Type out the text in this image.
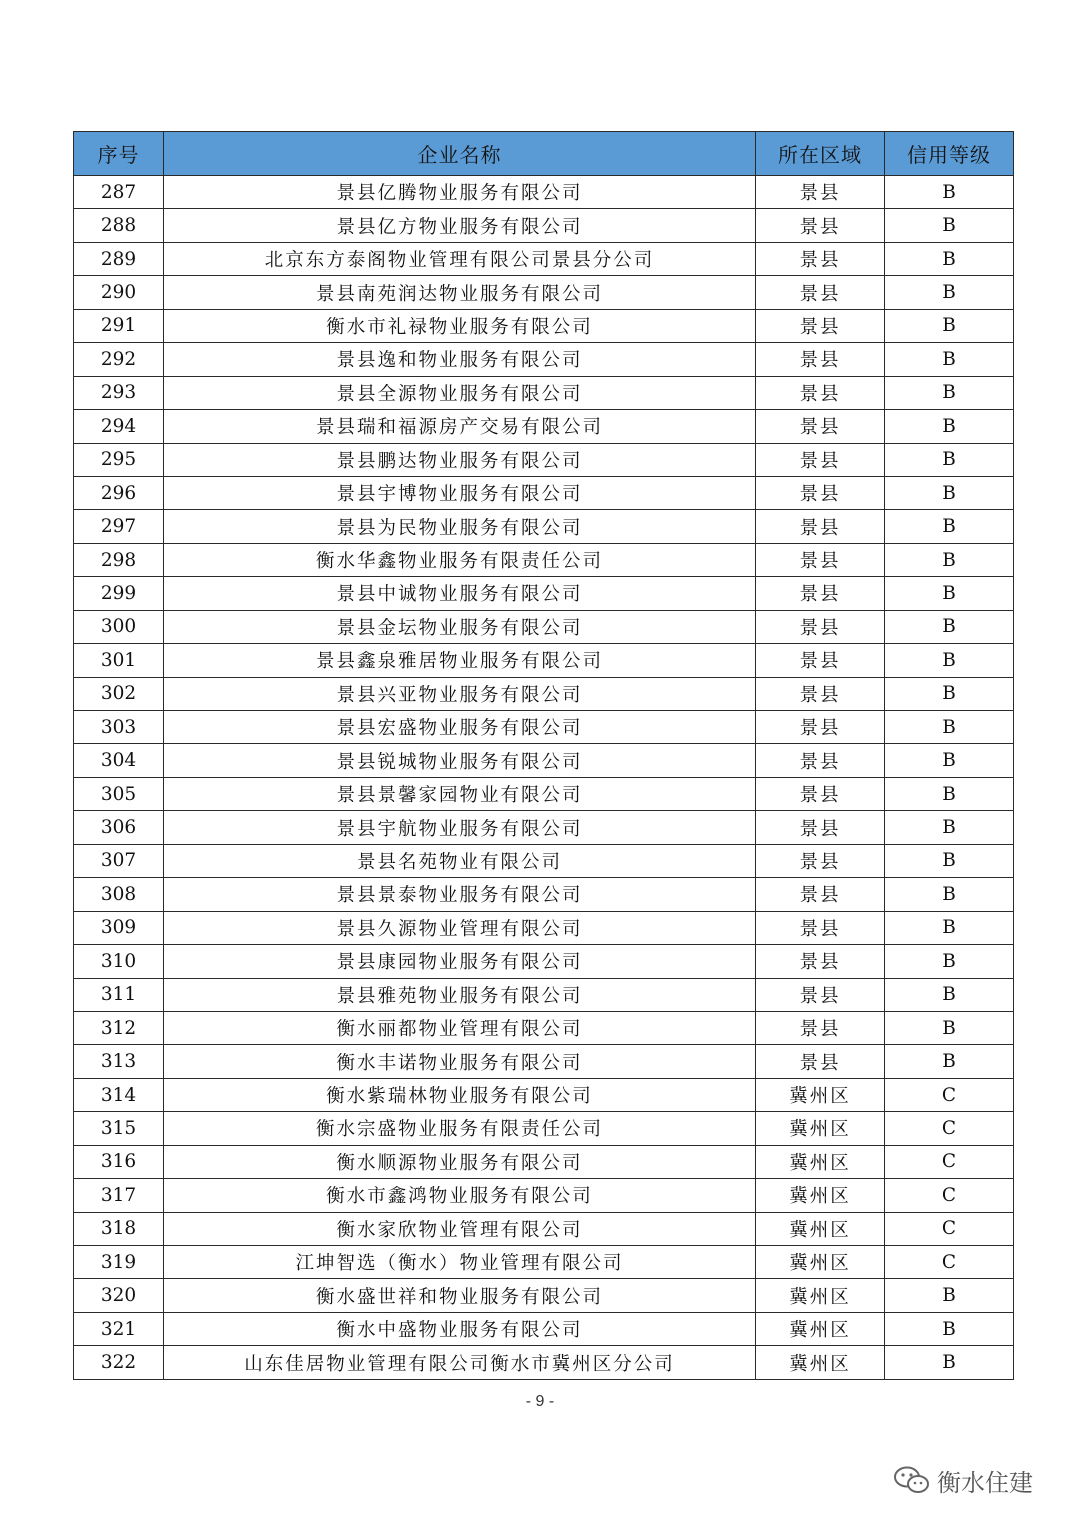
序号	企业名称	所在区域	信用等级
287	景县亿腾物业服务有限公司	景县	B
288	景县亿方物业服务有限公司	景县	B
289	北京东方泰阁物业管理有限公司景县分公司	景县	B
290	景县南苑润达物业服务有限公司	景县	B
291	衡水市礼禄物业服务有限公司	景县	B
292	景县逸和物业服务有限公司	景县	B
293	景县全源物业服务有限公司	景县	B
294	景县瑞和福源房产交易有限公司	景县	B
295	景县鹏达物业服务有限公司	景县	B
296	景县宇博物业服务有限公司	景县	B
297	景县为民物业服务有限公司	景县	B
298	衡水华鑫物业服务有限责任公司	景县	B
299	景县中诚物业服务有限公司	景县	B
300	景县金坛物业服务有限公司	景县	B
301	景县鑫泉雅居物业服务有限公司	景县	B
302	景县兴亚物业服务有限公司	景县	B
303	景县宏盛物业服务有限公司	景县	B
304	景县锐城物业服务有限公司	景县	B
305	景县景馨家园物业有限公司	景县	B
306	景县宇航物业服务有限公司	景县	B
307	景县名苑物业有限公司	景县	B
308	景县景泰物业服务有限公司	景县	B
309	景县久源物业管理有限公司	景县	B
310	景县康园物业服务有限公司	景县	B
311	景县雅苑物业服务有限公司	景县	B
312	衡水丽都物业管理有限公司	景县	B
313	衡水丰诺物业服务有限公司	景县	B
314	衡水紫瑞林物业服务有限公司	冀州区	C
315	衡水宗盛物业服务有限责任公司	冀州区	C
316	衡水顺源物业服务有限公司	冀州区	C
317	衡水市鑫鸿物业服务有限公司	冀州区	C
318	衡水家欣物业管理有限公司	冀州区	C
319	江坤智选（衡水）物业管理有限公司	冀州区	C
320	衡水盛世祥和物业服务有限公司	冀州区	B
321	衡水中盛物业服务有限公司	冀州区	B
322	山东佳居物业管理有限公司衡水市冀州区分公司	冀州区	B
- 9 -
衡水住建
